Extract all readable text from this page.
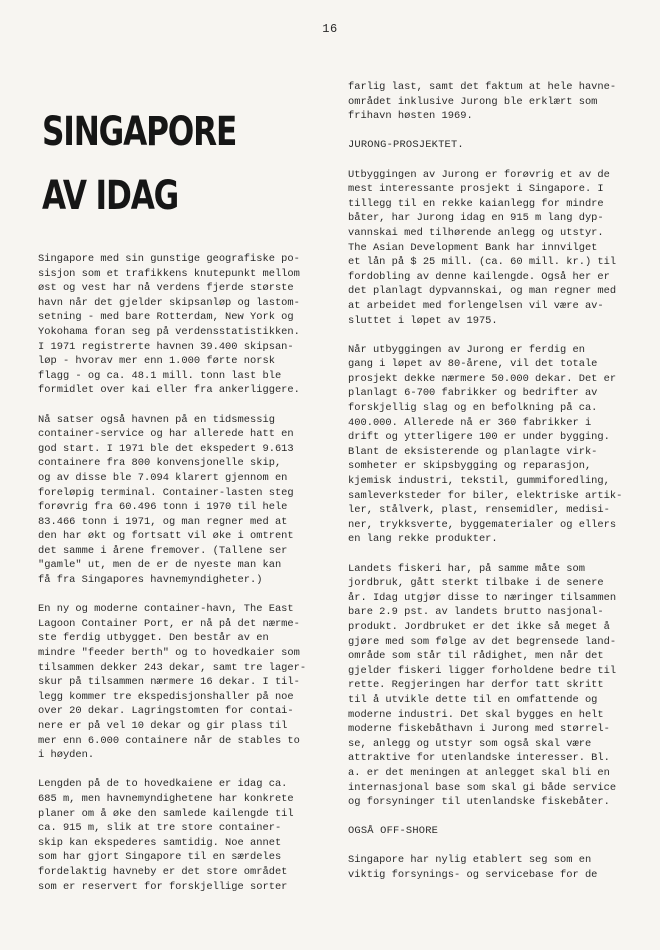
16
SINGAPORE
AV IDAG

Singapore med sin gunstige geografiske po-
sisjon som et trafikkens knutepunkt mellom
øst og vest har nå verdens fjerde største
havn når det gjelder skipsanløp og lastom-
setning - med bare Rotterdam, New York og
Yokohama foran seg på verdensstatistikken.
I 1971 registrerte havnen 39.400 skipsan-
løp - hvorav mer enn 1.000 førte norsk
flagg - og ca. 48.1 mill. tonn last ble
formidlet over kai eller fra ankerliggere.

Nå satser også havnen på en tidsmessig
container-service og har allerede hatt en
god start. I 1971 ble det ekspedert 9.613
containere fra 800 konvensjonelle skip,
og av disse ble 7.094 klarert gjennom en
foreløpig terminal. Container-lasten steg
forøvrig fra 60.496 tonn i 1970 til hele
83.466 tonn i 1971, og man regner med at
den har økt og fortsatt vil øke i omtrent
det samme i årene fremover. (Tallene ser
"gamle" ut, men de er de nyeste man kan
få fra Singapores havnemyndigheter.)

En ny og moderne container-havn, The East
Lagoon Container Port, er nå på det nærme-
ste ferdig utbygget. Den består av en
mindre "feeder berth" og to hovedkaier som
tilsammen dekker 243 dekar, samt tre lager-
skur på tilsammen nærmere 16 dekar. I til-
legg kommer tre ekspedisjonshaller på noe
over 20 dekar. Lagringstomten for contai-
nere er på vel 10 dekar og gir plass til
mer enn 6.000 containere når de stables to
i høyden.

Lengden på de to hovedkaiene er idag ca.
685 m, men havnemyndighetene har konkrete
planer om å øke den samlede kailengde til
ca. 915 m, slik at tre store container-
skip kan ekspederes samtidig. Noe annet
som har gjort Singapore til en særdeles
fordelaktig havneby er det store området
som er reservert for forskjellige sorter

farlig last, samt det faktum at hele havne-
området inklusive Jurong ble erklært som
frihavn høsten 1969.

JURONG-PROSJEKTET.

Utbyggingen av Jurong er forøvrig et av de
mest interessante prosjekt i Singapore. I
tillegg til en rekke kaianlegg for mindre
båter, har Jurong idag en 915 m lang dyp-
vannskai med tilhørende anlegg og utstyr.
The Asian Development Bank har innvilget
et lån på $ 25 mill. (ca. 60 mill. kr.) til
fordobling av denne kailengde. Også her er
det planlagt dypvannskai, og man regner med
at arbeidet med forlengelsen vil være av-
sluttet i løpet av 1975.

Når utbyggingen av Jurong er ferdig en
gang i løpet av 80-årene, vil det totale
prosjekt dekke nærmere 50.000 dekar. Det er
planlagt 6-700 fabrikker og bedrifter av
forskjellig slag og en befolkning på ca.
400.000. Allerede nå er 360 fabrikker i
drift og ytterligere 100 er under bygging.
Blant de eksisterende og planlagte virk-
somheter er skipsbygging og reparasjon,
kjemisk industri, tekstil, gummiforedling,
samleverksteder for biler, elektriske artik-
ler, stålverk, plast, rensemidler, medisi-
ner, trykksverte, byggematerialer og ellers
en lang rekke produkter.

Landets fiskeri har, på samme måte som
jordbruk, gått sterkt tilbake i de senere
år. Idag utgjør disse to næringer tilsammen
bare 2.9 pst. av landets brutto nasjonal-
produkt. Jordbruket er det ikke så meget å
gjøre med som følge av det begrensede land-
område som står til rådighet, men når det
gjelder fiskeri ligger forholdene bedre til
rette. Regjeringen har derfor tatt skritt
til å utvikle dette til en omfattende og
moderne industri. Det skal bygges en helt
moderne fiskebåthavn i Jurong med størrel-
se, anlegg og utstyr som også skal være
attraktive for utenlandske interesser. Bl.
a. er det meningen at anlegget skal bli en
internasjonal base som skal gi både service
og forsyninger til utenlandske fiskebåter.

OGSÅ OFF-SHORE

Singapore har nylig etablert seg som en
viktig forsynings- og servicebase for de
